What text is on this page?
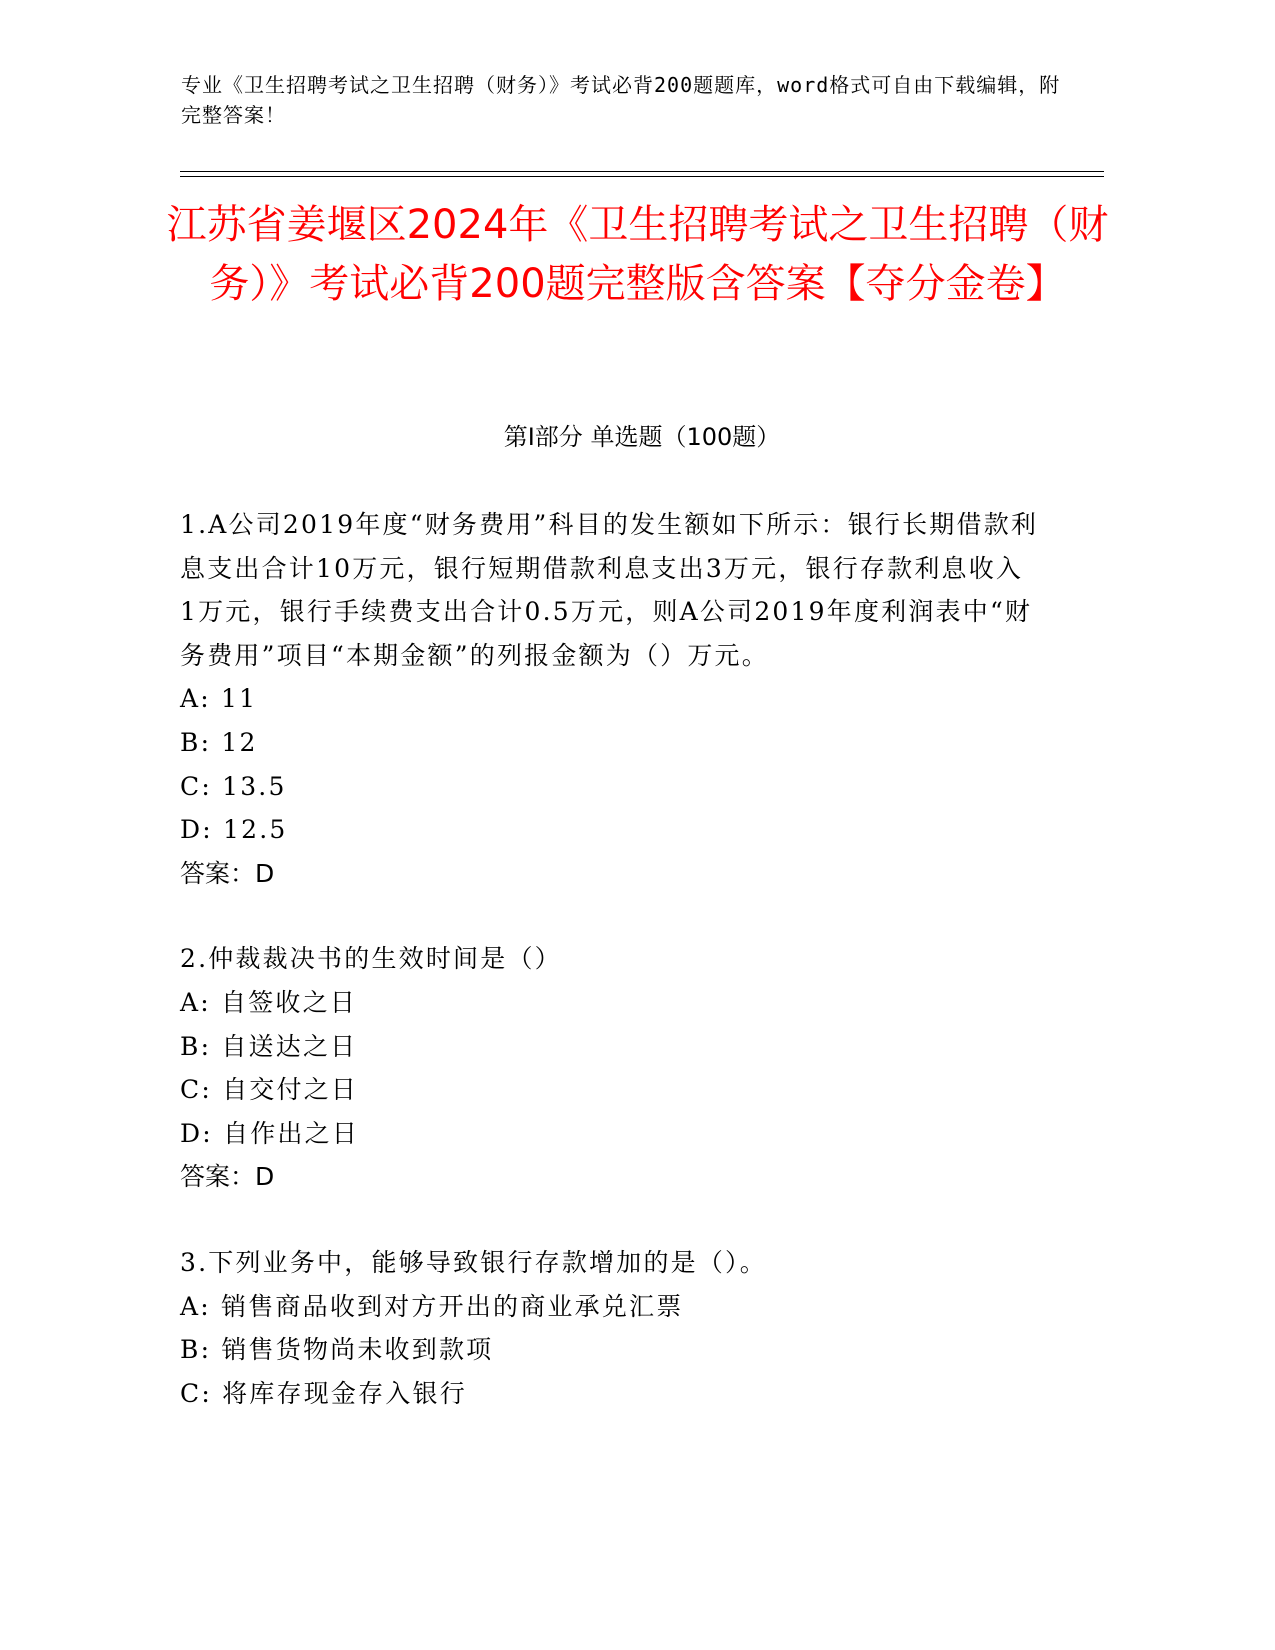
专业《卫生招聘考试之卫生招聘（财务）》考试必背200题题库，word格式可自由下载编辑，附完整答案！

江苏省姜堰区2024年《卫生招聘考试之卫生招聘（财务）》考试必背200题完整版含答案【夺分金卷】
第Ⅰ部分 单选题（100题）

1.A公司2019年度“财务费用”科目的发生额如下所示：银行长期借款利息支出合计10万元，银行短期借款利息支出3万元，银行存款利息收入1万元，银行手续费支出合计0.5万元，则A公司2019年度利润表中“财务费用”项目“本期金额”的列报金额为（）万元。

A: 11

B: 12

C: 13.5

D: 12.5

答案：D

2.仲裁裁决书的生效时间是（）

A: 自签收之日

B: 自送达之日

C: 自交付之日

D: 自作出之日

答案：D

3.下列业务中，能够导致银行存款增加的是（）。

A: 销售商品收到对方开出的商业承兑汇票

B: 销售货物尚未收到款项

C: 将库存现金存入银行
